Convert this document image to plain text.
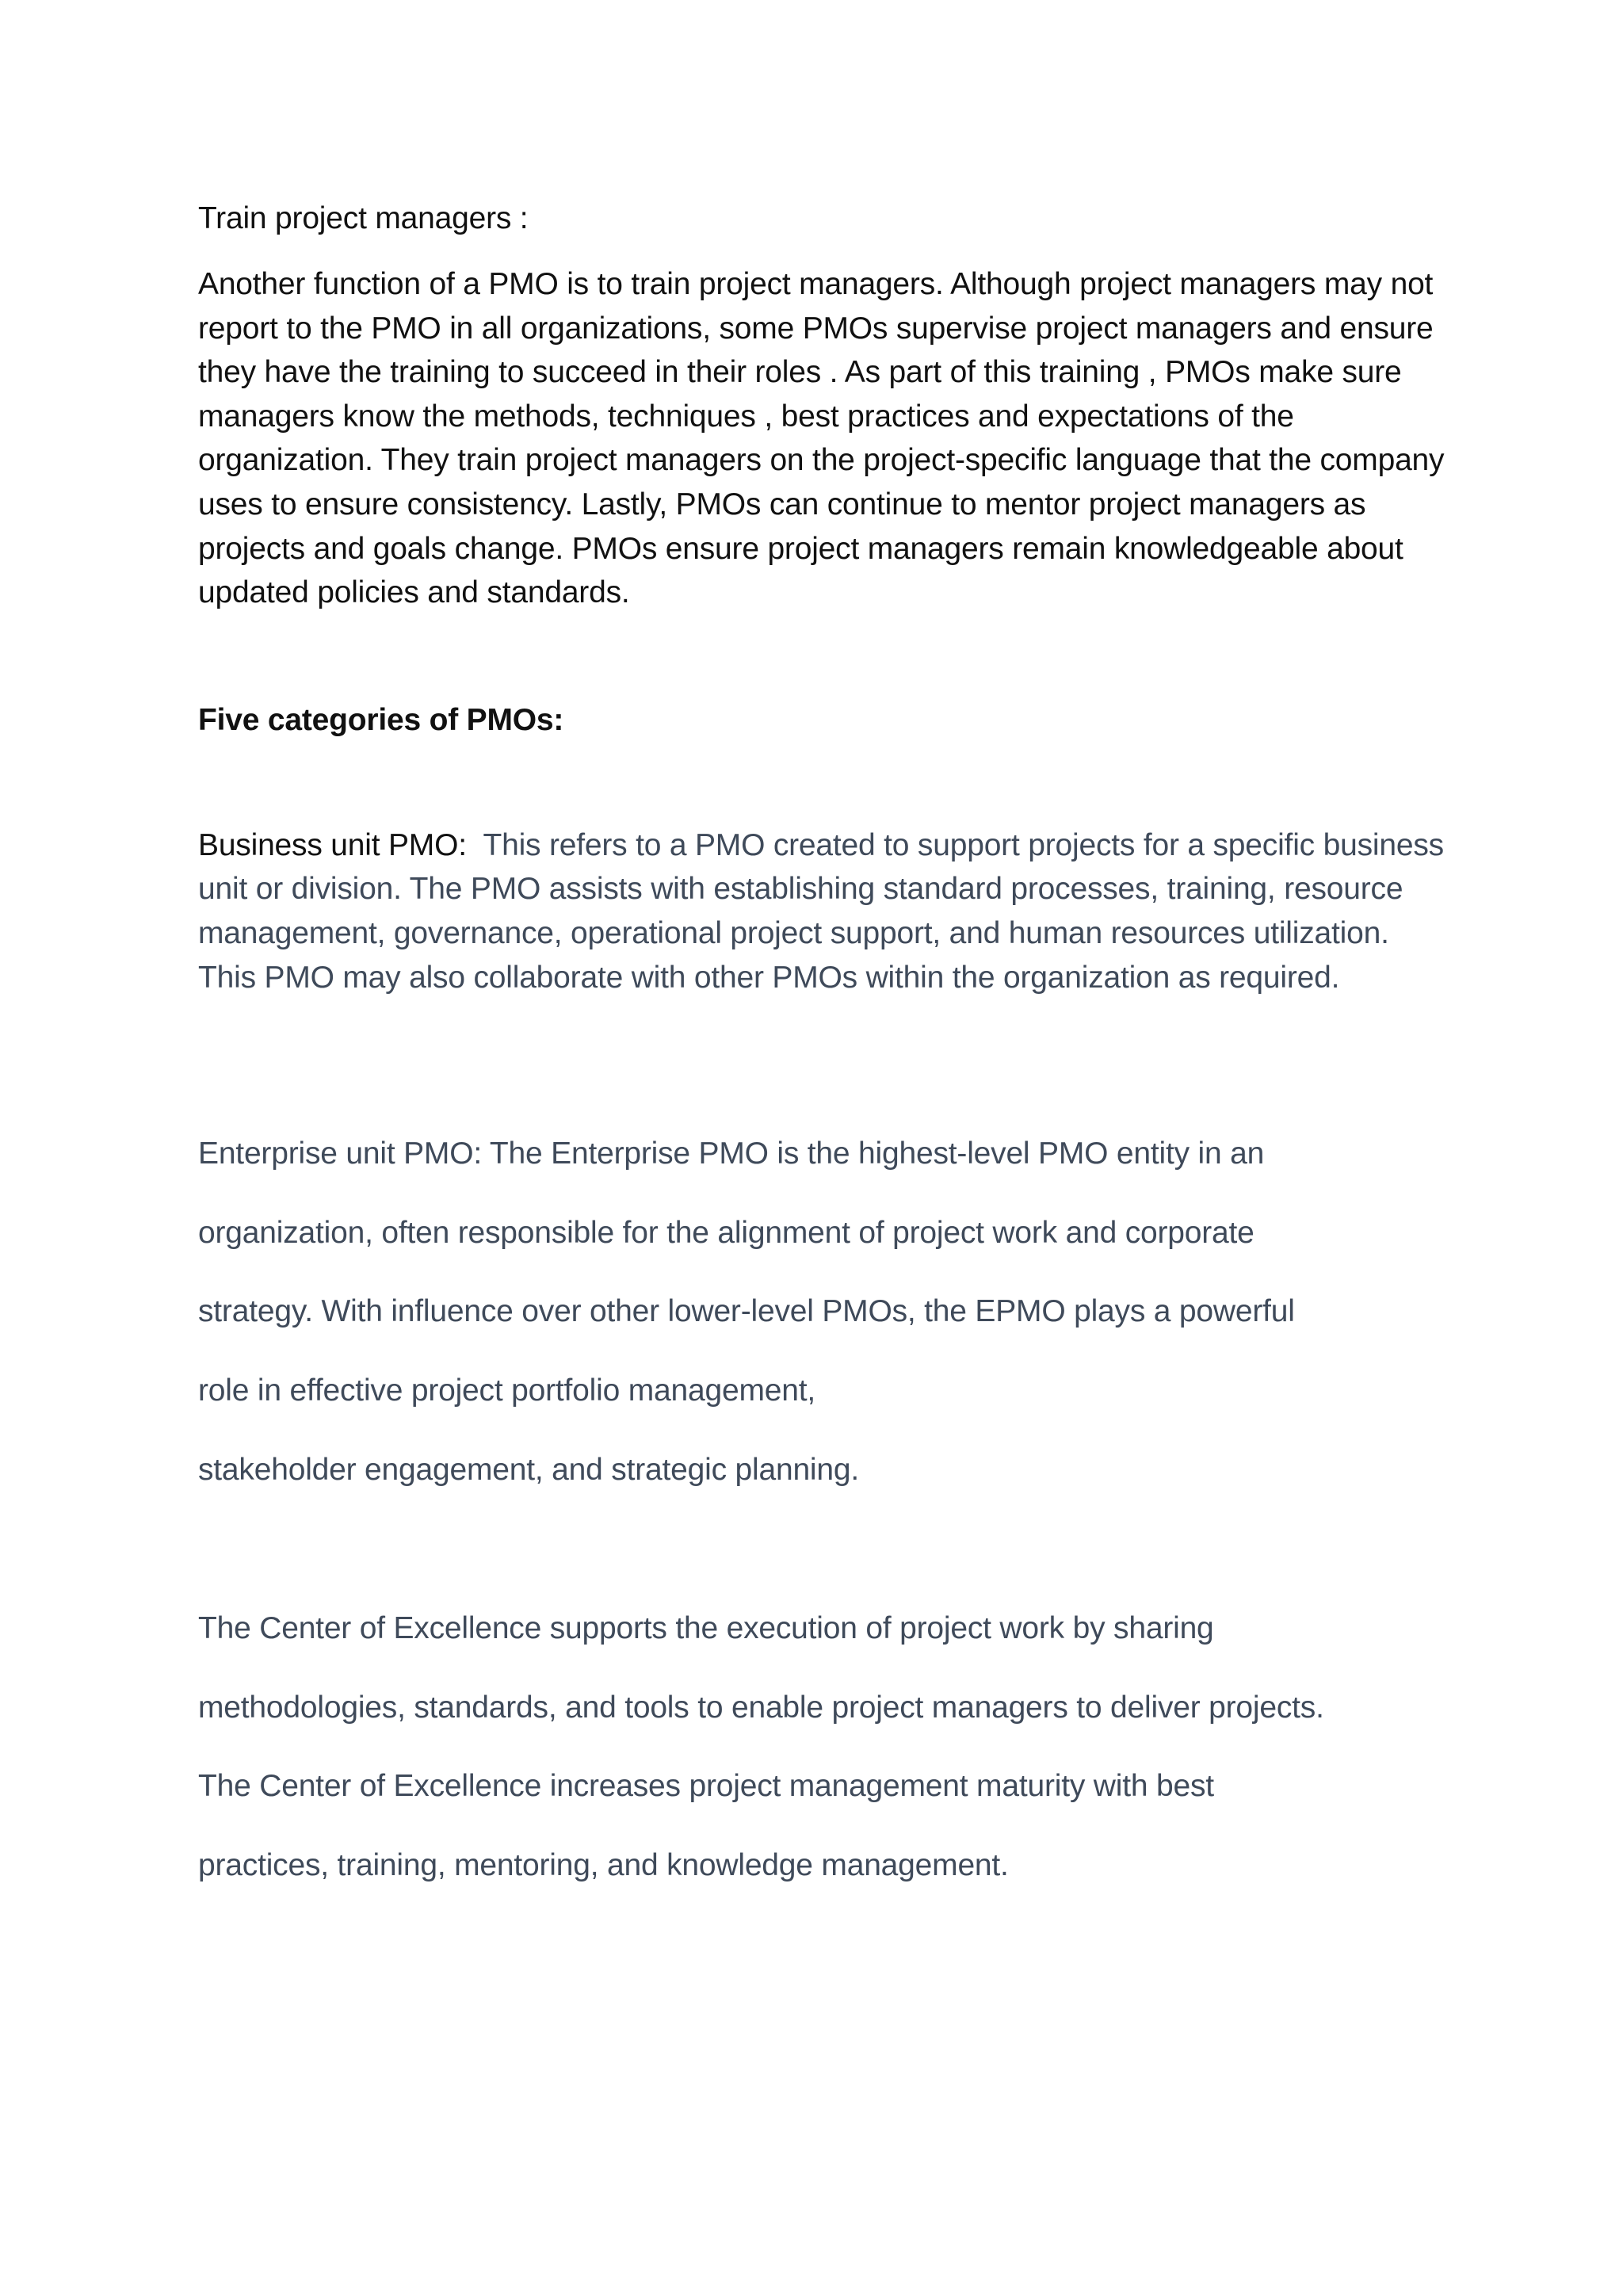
Train project managers :

Another function of a PMO is to train project managers. Although project managers may not report to the PMO in all organizations, some PMOs supervise project managers and ensure they have the training to succeed in their roles . As part of this training , PMOs make sure managers know the methods, techniques , best practices and expectations of the organization. They train project managers on the project-specific language that the company uses to ensure consistency. Lastly, PMOs can continue to mentor project managers as projects and goals change. PMOs ensure project managers remain knowledgeable about updated policies and standards.

Five categories of PMOs:

Business unit PMO: This refers to a PMO created to support projects for a specific business unit or division. The PMO assists with establishing standard processes, training, resource management, governance, operational project support, and human resources utilization. This PMO may also collaborate with other PMOs within the organization as required.

Enterprise unit PMO: The Enterprise PMO is the highest-level PMO entity in an
organization, often responsible for the alignment of project work and corporate
strategy. With influence over other lower-level PMOs, the EPMO plays a powerful
role in effective project portfolio management,
stakeholder engagement, and strategic planning.

The Center of Excellence supports the execution of project work by sharing
methodologies, standards, and tools to enable project managers to deliver projects.
The Center of Excellence increases project management maturity with best
practices, training, mentoring, and knowledge management.
